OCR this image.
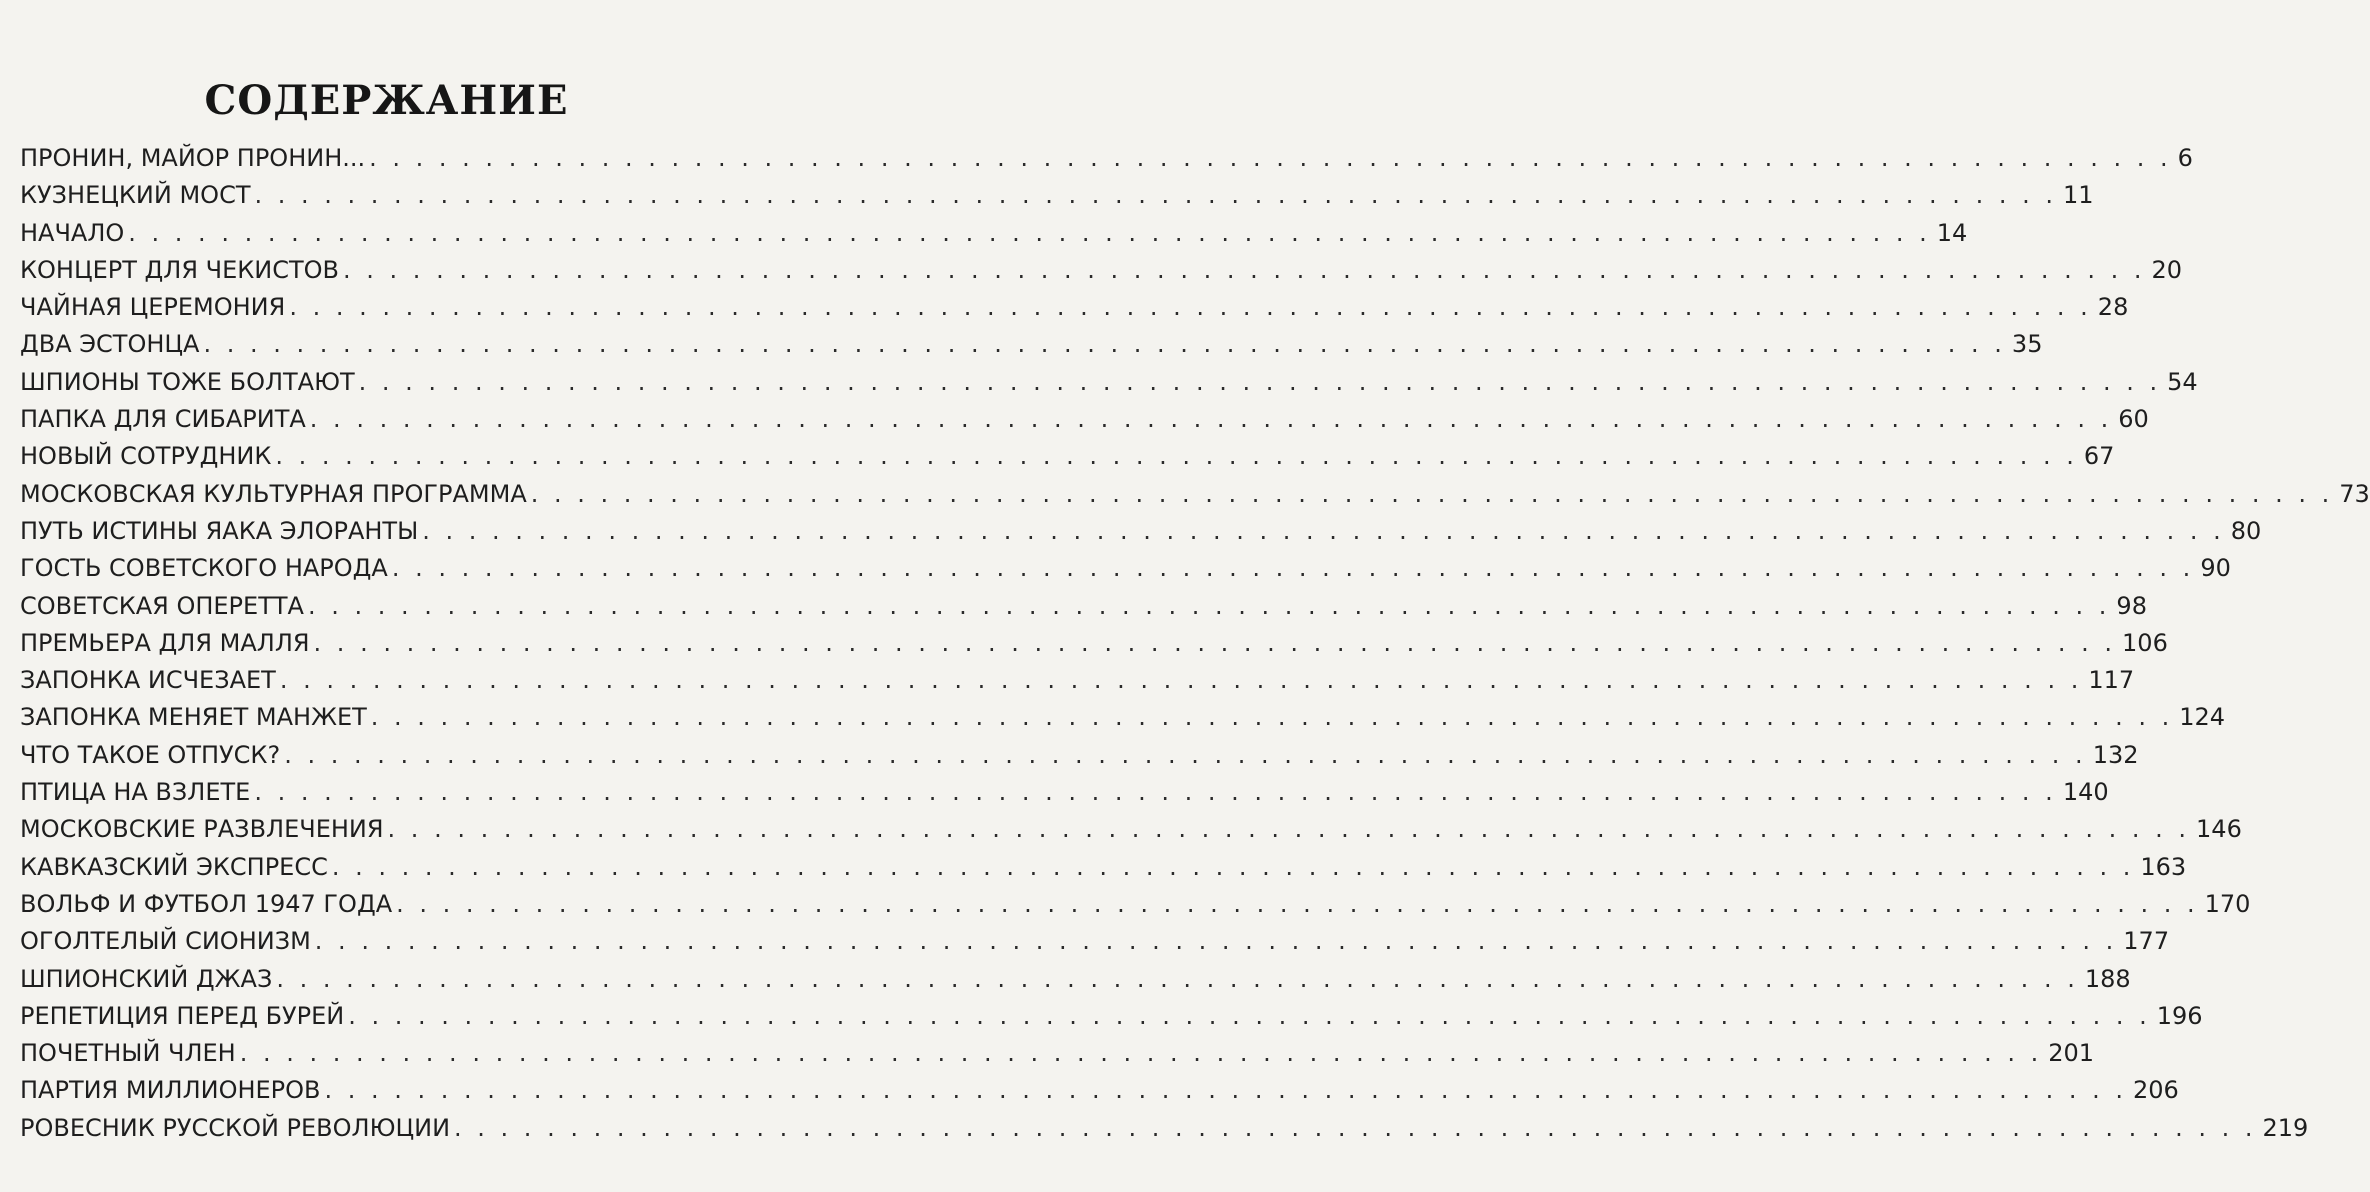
СОДЕРЖАНИЕ
ПРОНИН, МАЙОР ПРОНИН... . . .	6
КУЗНЕЦКИЙ МОСТ . . .	11
НАЧАЛО . . .	14
КОНЦЕРТ ДЛЯ ЧЕКИСТОВ . . .	20
ЧАЙНАЯ ЦЕРЕМОНИЯ . . .	28
ДВА ЭСТОНЦА . . .	35
ШПИОНЫ ТОЖЕ БОЛТАЮТ . . .	54
ПАПКА ДЛЯ СИБАРИТА . . .	60
НОВЫЙ СОТРУДНИК . . .	67
МОСКОВСКАЯ КУЛЬТУРНАЯ ПРОГРАММА . . .	73
ПУТЬ ИСТИНЫ ЯАКА ЭЛОРАНТЫ . . .	80
ГОСТЬ СОВЕТСКОГО НАРОДА . . .	90
СОВЕТСКАЯ ОПЕРЕТТА . . .	98
ПРЕМЬЕРА ДЛЯ МАЛЛЯ . . .	106
ЗАПОНКА ИСЧЕЗАЕТ . . .	117
ЗАПОНКА МЕНЯЕТ МАНЖЕТ . . .	124
ЧТО ТАКОЕ ОТПУСК? . . .	132
ПТИЦА НА ВЗЛЕТЕ . . .	140
МОСКОВСКИЕ РАЗВЛЕЧЕНИЯ . . .	146
КАВКАЗСКИЙ ЭКСПРЕСС . . .	163
ВОЛЬФ И ФУТБОЛ 1947 ГОДА . . .	170
ОГОЛТЕЛЫЙ СИОНИЗМ . . .	177
ШПИОНСКИЙ ДЖАЗ . . .	188
РЕПЕТИЦИЯ ПЕРЕД БУРЕЙ . . .	196
ПОЧЕТНЫЙ ЧЛЕН . . .	201
ПАРТИЯ МИЛЛИОНЕРОВ . . .	206
РОВЕСНИК РУССКОЙ РЕВОЛЮЦИИ . . .	219
